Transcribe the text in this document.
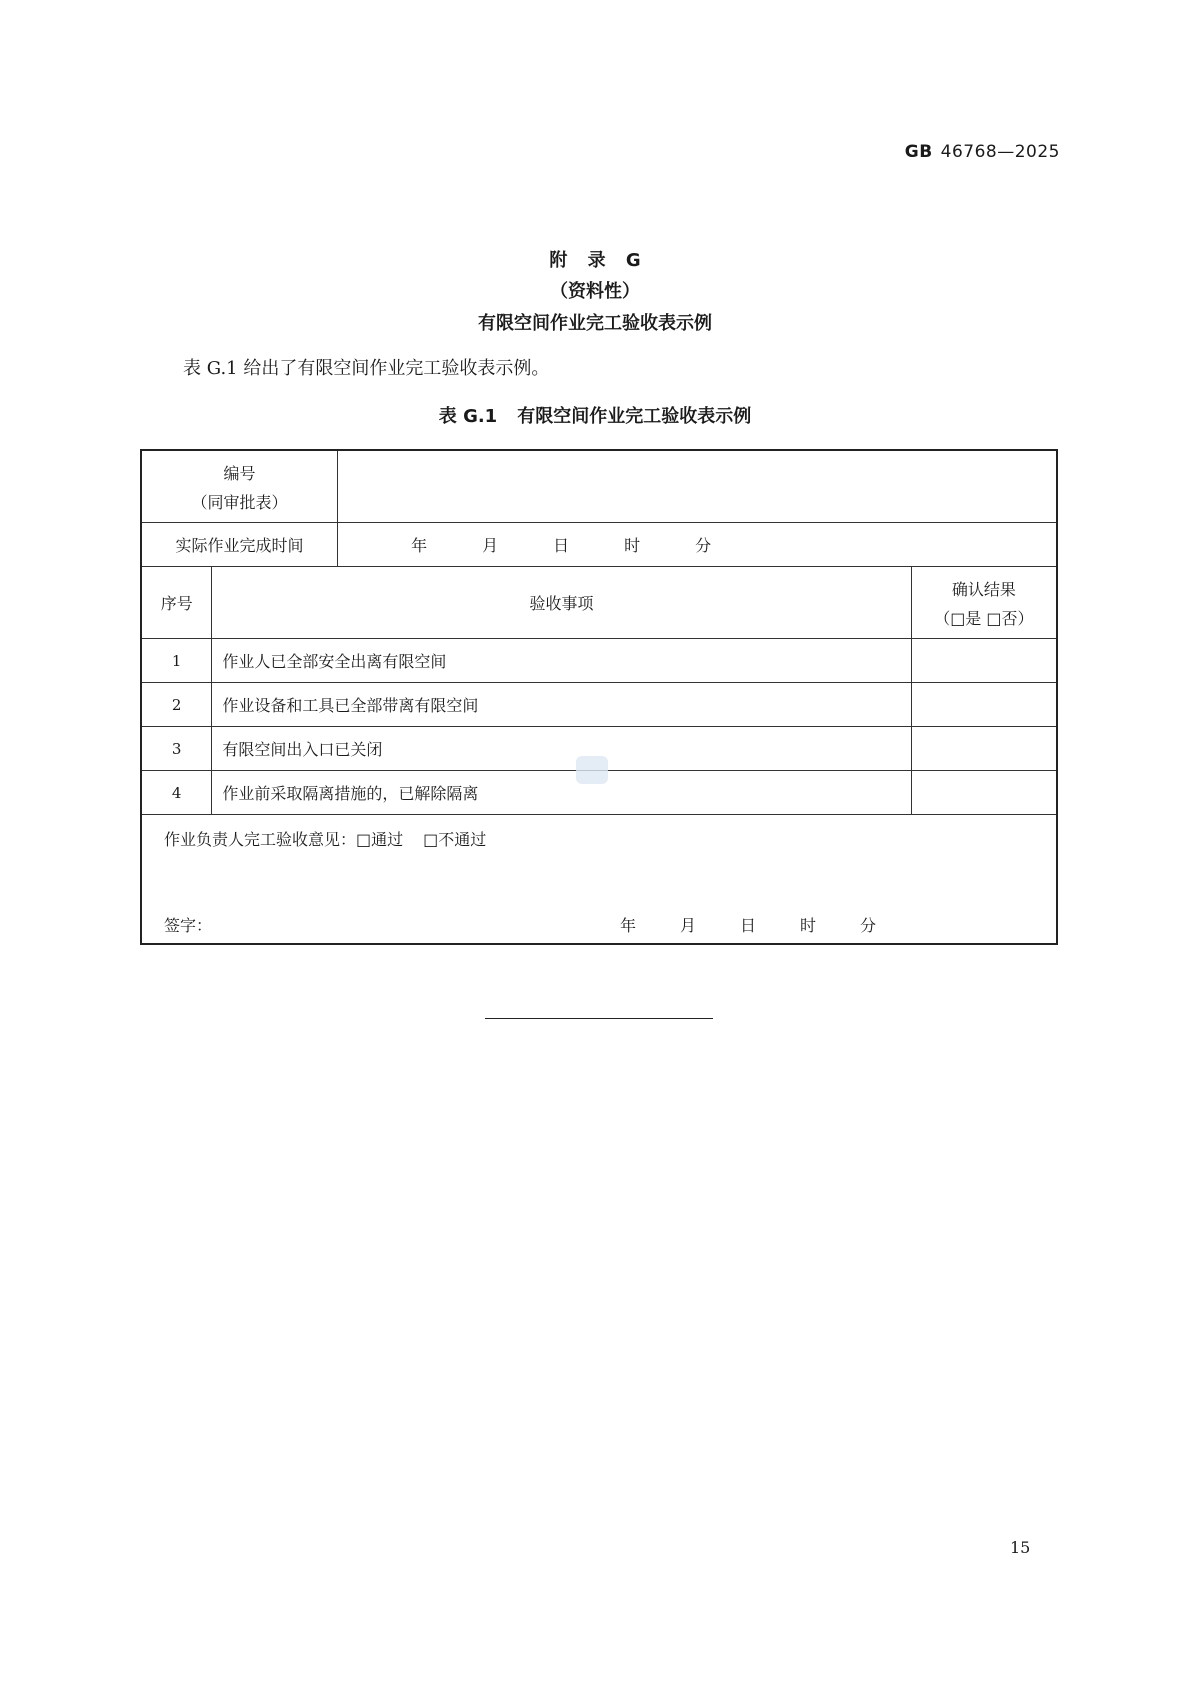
GB 46768—2025
附 录 G
（资料性）
有限空间作业完工验收表示例
表 G.1 给出了有限空间作业完工验收表示例。
表 G.1 有限空间作业完工验收表示例
编号
（同审批表）			

实际作业完成时间		年 月 日 时 分	
序号	验收事项		确认结果
（□是 □否）

1	作业人已全部安全出离有限空间		
2	作业设备和工具已全部带离有限空间		
3	有限空间出入口已关闭		
4	作业前采取隔离措施的，已解除隔离		

作业负责人完工验收意见：□通过 □不通过
签字： 年 月 日 时 分			
15
